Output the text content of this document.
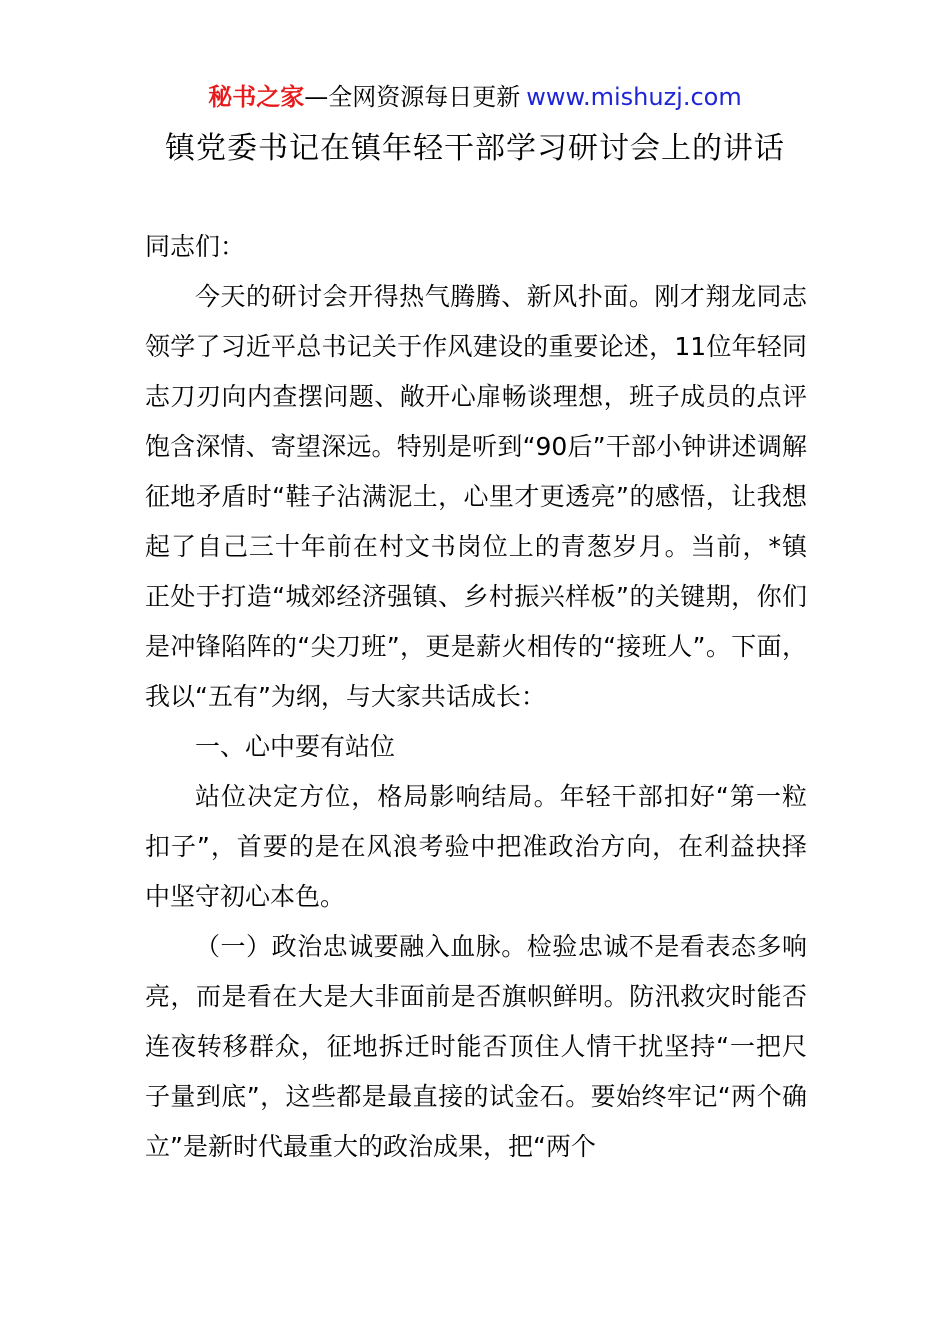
秘书之家—全网资源每日更新 www.mishuzj.com
镇党委书记在镇年轻干部学习研讨会上的讲话

同志们：

今天的研讨会开得热气腾腾、新风扑面。刚才翔龙同志领学了习近平总书记关于作风建设的重要论述，11位年轻同志刀刃向内查摆问题、敞开心扉畅谈理想，班子成员的点评饱含深情、寄望深远。特别是听到“90后”干部小钟讲述调解征地矛盾时“鞋子沾满泥土，心里才更透亮”的感悟，让我想起了自己三十年前在村文书岗位上的青葱岁月。当前，*镇正处于打造“城郊经济强镇、乡村振兴样板”的关键期，你们是冲锋陷阵的“尖刀班”，更是薪火相传的“接班人”。下面，我以“五有”为纲，与大家共话成长：

一、心中要有站位

站位决定方位，格局影响结局。年轻干部扣好“第一粒扣子”，首要的是在风浪考验中把准政治方向，在利益抉择中坚守初心本色。

（一）政治忠诚要融入血脉。检验忠诚不是看表态多响亮，而是看在大是大非面前是否旗帜鲜明。防汛救灾时能否连夜转移群众，征地拆迁时能否顶住人情干扰坚持“一把尺子量到底”，这些都是最直接的试金石。要始终牢记“两个确立”是新时代最重大的政治成果，把“两个
